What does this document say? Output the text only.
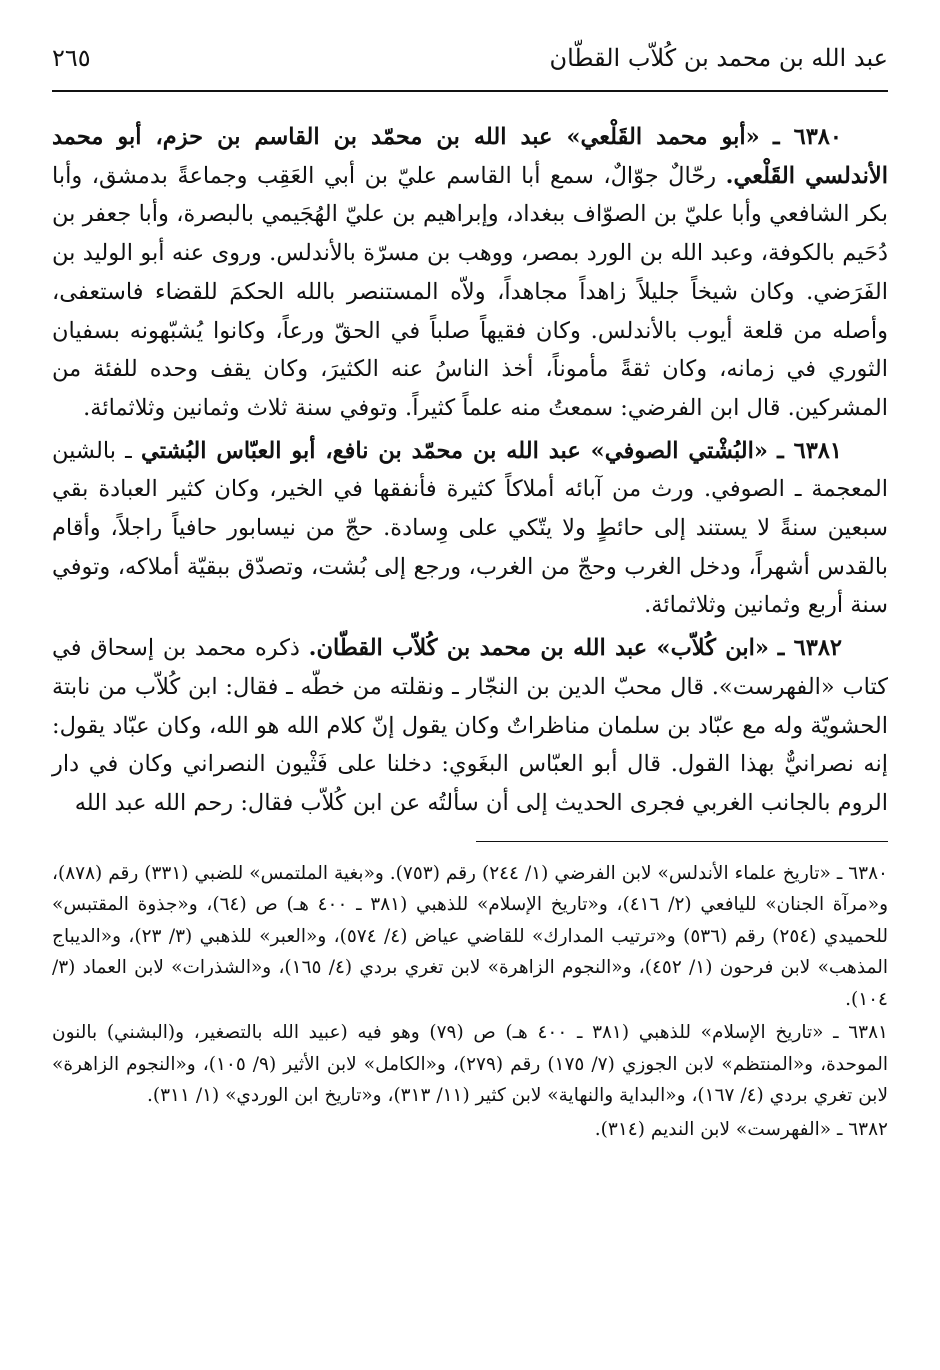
عبد الله بن محمد بن كُلاّب القطّان
٢٦٥

٦٣٨٠ ـ «أبو محمد القَلْعي» عبد الله بن محمّد بن القاسم بن حزم، أبو محمد الأندلسي القَلْعي. رحّالٌ جوّالٌ، سمع أبا القاسم عليّ بن أبي العَقِب وجماعةً بدمشق، وأبا بكر الشافعي وأبا عليّ بن الصوّاف ببغداد، وإبراهيم بن عليّ الهُجَيمي بالبصرة، وأبا جعفر بن دُحَيم بالكوفة، وعبد الله بن الورد بمصر، ووهب بن مسرّة بالأندلس. وروى عنه أبو الوليد بن الفَرَضي. وكان شيخاً جليلاً زاهداً مجاهداً، ولاّه المستنصر بالله الحكمَ للقضاء فاستعفى، وأصله من قلعة أيوب بالأندلس. وكان فقيهاً صلباً في الحقّ ورعاً، وكانوا يُشبّهونه بسفيان الثوري في زمانه، وكان ثقةً مأموناً، أخذ الناسُ عنه الكثيرَ، وكان يقف وحده للفئة من المشركين. قال ابن الفرضي: سمعتُ منه علماً كثيراً. وتوفي سنة ثلاث وثمانين وثلاثمائة.

٦٣٨١ ـ «البُشْتي الصوفي» عبد الله بن محمّد بن نافع، أبو العبّاس البُشتي ـ بالشين المعجمة ـ الصوفي. ورث من آبائه أملاكاً كثيرة فأنفقها في الخير، وكان كثير العبادة بقي سبعين سنةً لا يستند إلى حائطٍ ولا يتّكي على وِسادة. حجّ من نيسابور حافياً راجلاً، وأقام بالقدس أشهراً، ودخل الغرب وحجّ من الغرب، ورجع إلى بُشت، وتصدّق ببقيّة أملاكه، وتوفي سنة أربع وثمانين وثلاثمائة.

٦٣٨٢ ـ «ابن كُلاّب» عبد الله بن محمد بن كُلاّب القطّان. ذكره محمد بن إسحاق في كتاب «الفهرست». قال محبّ الدين بن النجّار ـ ونقلته من خطّه ـ فقال: ابن كُلاّب من نابتة الحشويّة وله مع عبّاد بن سلمان مناظراتٌ وكان يقول إنّ كلام الله هو الله، وكان عبّاد يقول: إنه نصرانيٌّ بهذا القول. قال أبو العبّاس البغَوي: دخلنا على فَثْيون النصراني وكان في دار الروم بالجانب الغربي فجرى الحديث إلى أن سألتُه عن ابن كُلاّب فقال: رحم الله عبد الله

٦٣٨٠ ـ «تاريخ علماء الأندلس» لابن الفرضي (١/ ٢٤٤) رقم (٧٥٣). و«بغية الملتمس» للضبي (٣٣١) رقم (٨٧٨)، و«مرآة الجنان» لليافعي (٢/ ٤١٦)، و«تاريخ الإسلام» للذهبي (٣٨١ ـ ٤٠٠ هـ) ص (٦٤)، و«جذوة المقتبس» للحميدي (٢٥٤) رقم (٥٣٦) و«ترتيب المدارك» للقاضي عياض (٤/ ٥٧٤)، و«العبر» للذهبي (٣/ ٢٣)، و«الديباج المذهب» لابن فرحون (١/ ٤٥٢)، و«النجوم الزاهرة» لابن تغري بردي (٤/ ١٦٥)، و«الشذرات» لابن العماد (٣/ ١٠٤).

٦٣٨١ ـ «تاريخ الإسلام» للذهبي (٣٨١ ـ ٤٠٠ هـ) ص (٧٩) وهو فيه (عبيد الله بالتصغير، و(البشني) بالنون الموحدة، و«المنتظم» لابن الجوزي (٧/ ١٧٥) رقم (٢٧٩)، و«الكامل» لابن الأثير (٩/ ١٠٥)، و«النجوم الزاهرة» لابن تغري بردي (٤/ ١٦٧)، و«البداية والنهاية» لابن كثير (١١/ ٣١٣)، و«تاريخ ابن الوردي» (١/ ٣١١).

٦٣٨٢ ـ «الفهرست» لابن النديم (٣١٤).
